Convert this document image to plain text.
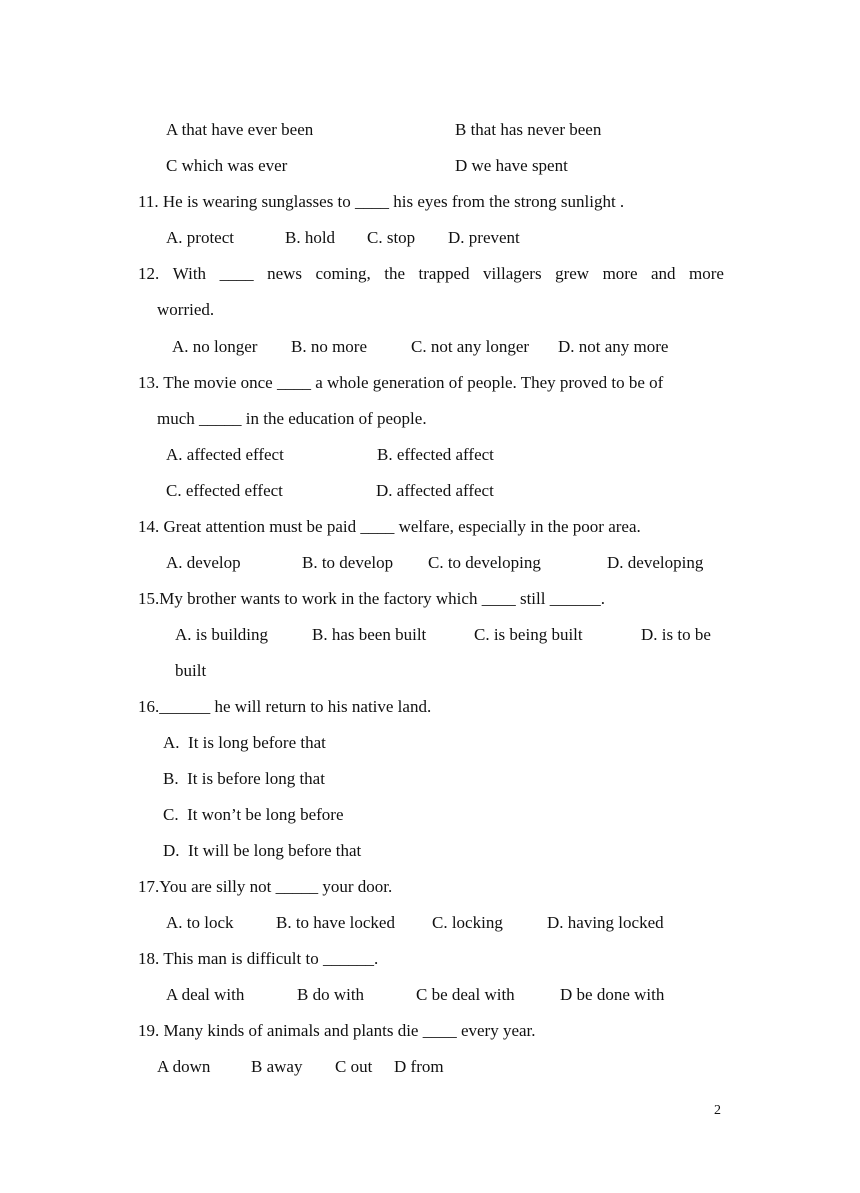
A that have ever been	B that has never been
C which was ever	D we have spent
11. He is wearing sunglasses to ____ his eyes from the strong sunlight .
A. protect	B. hold C. stop D. prevent
12. With ____ news coming, the trapped villagers grew more and more
worried.
A. no longer B. no more	C. not any longer D. not any more
13. The movie once ____ a whole generation of people. They proved to be of
much _____ in the education of people.
A. affected effect	B. effected affect
C. effected effect	D. affected affect
14. Great attention must be paid ____ welfare, especially in the poor area.
A. develop	B. to develop C. to developing	D. developing
15.My brother wants to work in the factory which ____ still ______.
A. is building	B. has been built	C. is being built	D. is to be
built
16.______ he will return to his native land.
A.  It is long before that
B.  It is before long that
C.  It won’t be long before
D.  It will be long before that
17.You are silly not _____ your door.
A. to lock B. to have locked C. locking	D. having locked
18. This man is difficult to ______.
A deal with	B do with	C be deal with	D be done with
19. Many kinds of animals and plants die ____ every year.
A down B away C out D from
2
